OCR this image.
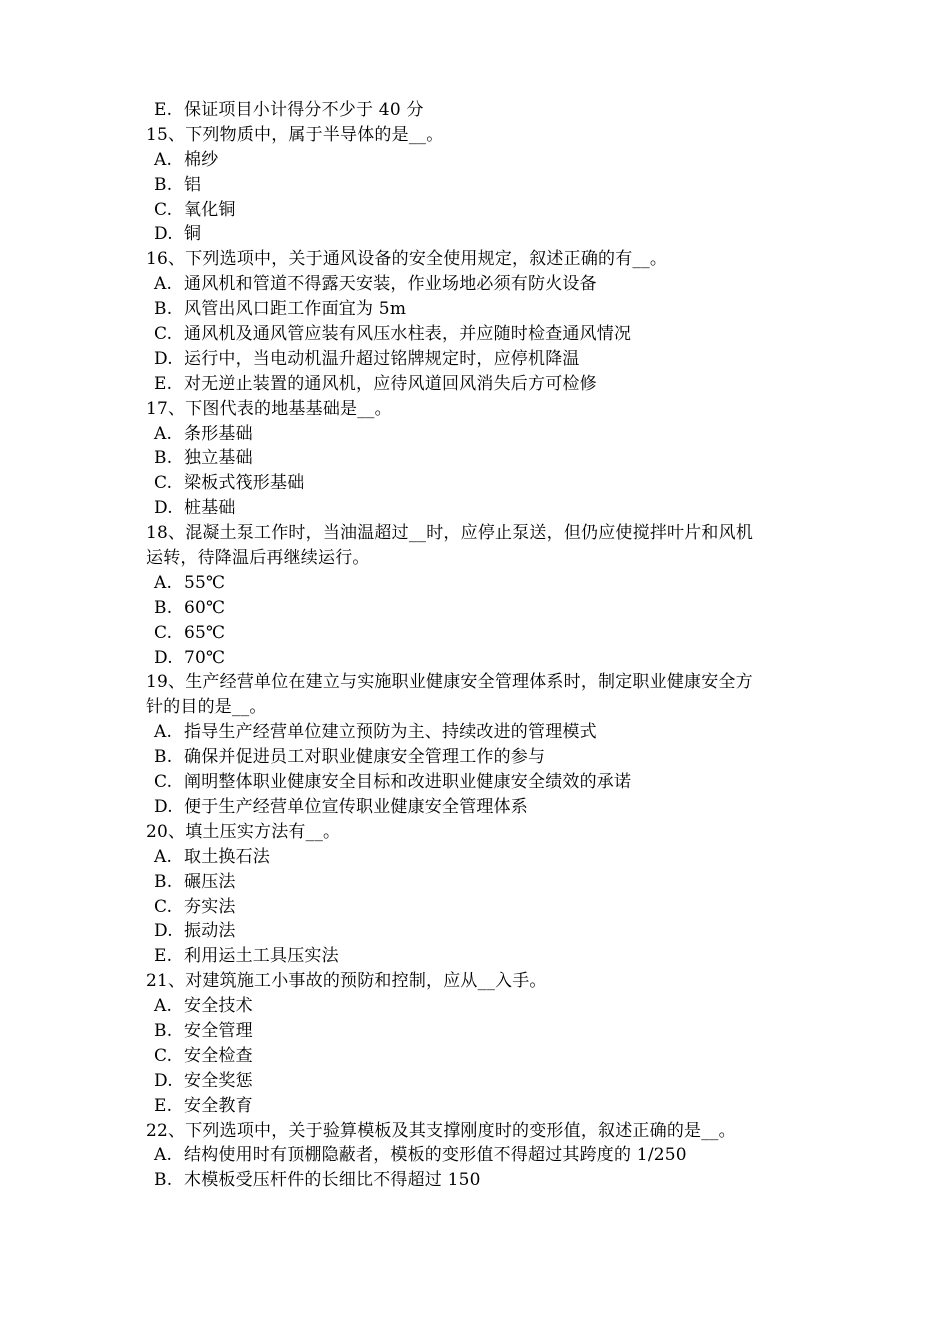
E. 保证项目小计得分不少于 40 分
15、下列物质中，属于半导体的是__。
A. 棉纱
B. 铝
C. 氧化铜
D. 铜
16、下列选项中，关于通风设备的安全使用规定，叙述正确的有__。
A. 通风机和管道不得露天安装，作业场地必须有防火设备
B. 风管出风口距工作面宜为 5m
C. 通风机及通风管应装有风压水柱表，并应随时检查通风情况
D. 运行中，当电动机温升超过铭牌规定时，应停机降温
E. 对无逆止装置的通风机，应待风道回风消失后方可检修
17、下图代表的地基基础是__。
A. 条形基础
B. 独立基础
C. 梁板式筏形基础
D. 桩基础
18、混凝土泵工作时，当油温超过__时，应停止泵送，但仍应使搅拌叶片和风机
运转，待降温后再继续运行。
A. 55℃
B. 60℃
C. 65℃
D. 70℃
19、生产经营单位在建立与实施职业健康安全管理体系时，制定职业健康安全方
针的目的是__。
A. 指导生产经营单位建立预防为主、持续改进的管理模式
B. 确保并促进员工对职业健康安全管理工作的参与
C. 阐明整体职业健康安全目标和改进职业健康安全绩效的承诺
D. 便于生产经营单位宣传职业健康安全管理体系
20、填土压实方法有__。
A. 取土换石法
B. 碾压法
C. 夯实法
D. 振动法
E. 利用运土工具压实法
21、对建筑施工小事故的预防和控制，应从__入手。
A. 安全技术
B. 安全管理
C. 安全检查
D. 安全奖惩
E. 安全教育
22、下列选项中，关于验算模板及其支撑刚度时的变形值，叙述正确的是__。
A. 结构使用时有顶棚隐蔽者，模板的变形值不得超过其跨度的 1/250
B. 木模板受压杆件的长细比不得超过 150
